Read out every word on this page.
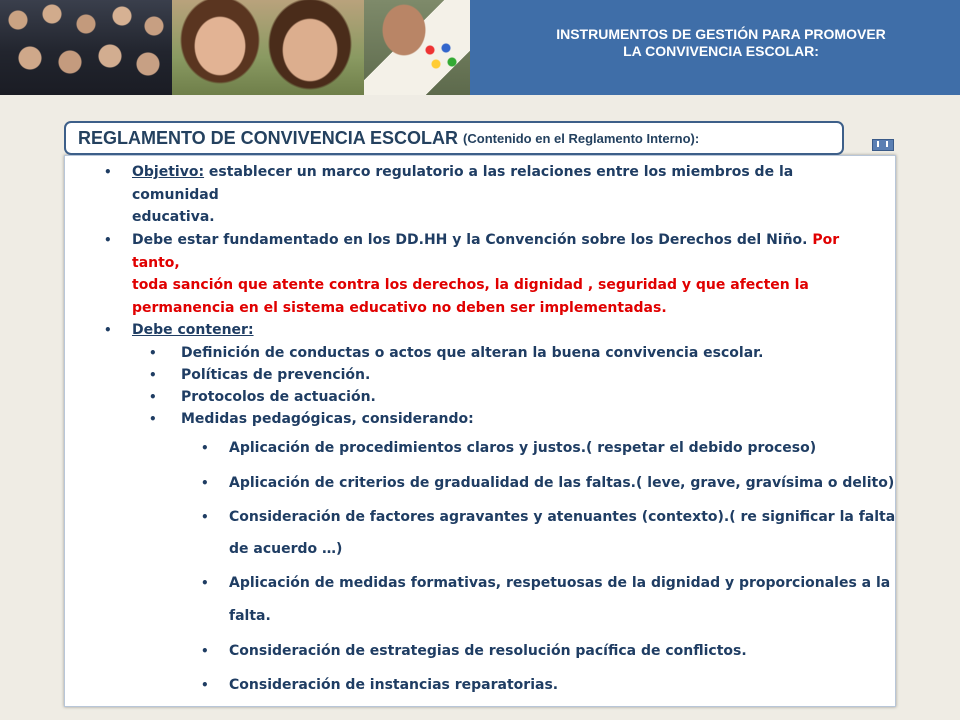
INSTRUMENTOS DE GESTIÓN PARA PROMOVER
LA CONVIVENCIA ESCOLAR:
REGLAMENTO DE CONVIVENCIA ESCOLAR (Contenido en el Reglamento Interno):
• Objetivo: establecer un marco regulatorio a las relaciones entre los miembros de la comunidad
educativa.
• Debe estar fundamentado en los DD.HH y la Convención sobre los Derechos del Niño. Por tanto,
toda sanción que atente contra los derechos, la dignidad , seguridad y que afecten la
permanencia en el sistema educativo no deben ser implementadas.
• Debe contener:
• Definición de conductas o actos que alteran la buena convivencia escolar.
• Políticas de prevención.
• Protocolos de actuación.
• Medidas pedagógicas, considerando:
• Aplicación de procedimientos claros y justos.( respetar el debido proceso)
• Aplicación de criterios de gradualidad de las faltas.( leve, grave, gravísima o delito)
• Consideración de factores agravantes y atenuantes (contexto).( re significar la falta
de acuerdo …)
• Aplicación de medidas formativas, respetuosas de la dignidad y proporcionales a la
falta.
• Consideración de estrategias de resolución pacífica de conflictos.
• Consideración de instancias reparatorias.
